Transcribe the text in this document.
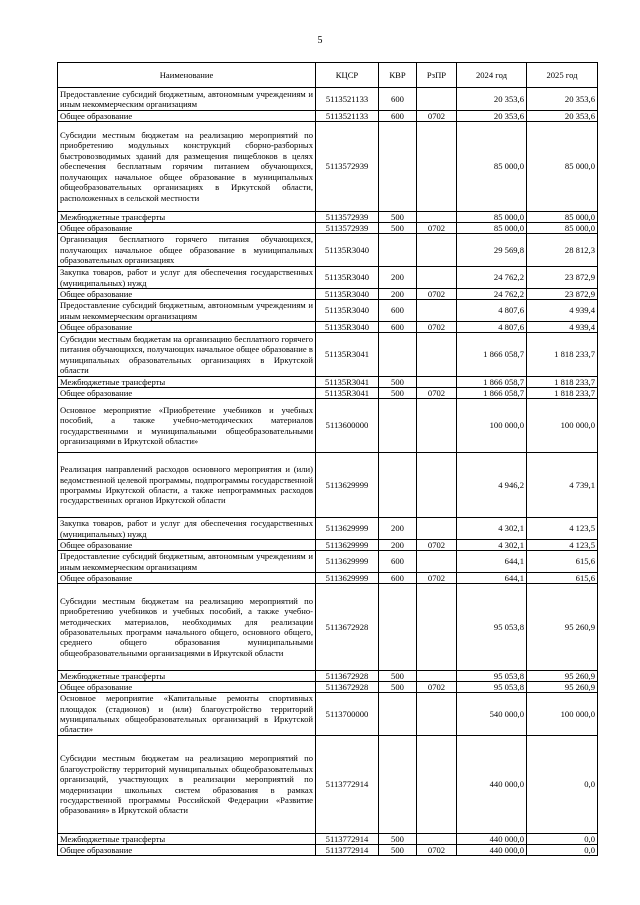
5
Наименование	КЦСР	КВР	РзПР	2024 год	2025 год
Предоставление субсидий бюджетным, автономным учреждениям и иным некоммерческим организациям	5113521133	600		20 353,6	20 353,6
Общее образование	5113521133	600	0702	20 353,6	20 353,6
Субсидии местным бюджетам на реализацию мероприятий по приобретению модульных конструкций сборно-разборных быстровозводимых зданий для размещения пищеблоков в целях обеспечения бесплатным горячим питанием обучающихся, получающих начальное общее образование в муниципальных общеобразовательных организациях в Иркутской области, расположенных в сельской местности	5113572939			85 000,0	85 000,0
Межбюджетные трансферты	5113572939	500		85 000,0	85 000,0
Общее образование	5113572939	500	0702	85 000,0	85 000,0
Организация бесплатного горячего питания обучающихся, получающих начальное общее образование в муниципальных образовательных организациях	51135R3040			29 569,8	28 812,3
Закупка товаров, работ и услуг для обеспечения государственных (муниципальных) нужд	51135R3040	200		24 762,2	23 872,9
Общее образование	51135R3040	200	0702	24 762,2	23 872,9
Предоставление субсидий бюджетным, автономным учреждениям и иным некоммерческим организациям	51135R3040	600		4 807,6	4 939,4
Общее образование	51135R3040	600	0702	4 807,6	4 939,4
Субсидии местным бюджетам на организацию бесплатного горячего питания обучающихся, получающих начальное общее образование в муниципальных образовательных организациях в Иркутской области	51135R3041			1 866 058,7	1 818 233,7
Межбюджетные трансферты	51135R3041	500		1 866 058,7	1 818 233,7
Общее образование	51135R3041	500	0702	1 866 058,7	1 818 233,7
Основное мероприятие «Приобретение учебников и учебных пособий, а также учебно-методических материалов государственными и муниципальными общеобразовательными организациями в Иркутской области»	5113600000			100 000,0	100 000,0
Реализация направлений расходов основного мероприятия и (или) ведомственной целевой программы, подпрограммы государственной программы Иркутской области, а также непрограммных расходов государственных органов Иркутской области	5113629999			4 946,2	4 739,1
Закупка товаров, работ и услуг для обеспечения государственных (муниципальных) нужд	5113629999	200		4 302,1	4 123,5
Общее образование	5113629999	200	0702	4 302,1	4 123,5
Предоставление субсидий бюджетным, автономным учреждениям и иным некоммерческим организациям	5113629999	600		644,1	615,6
Общее образование	5113629999	600	0702	644,1	615,6
Субсидии местным бюджетам на реализацию мероприятий по приобретению учебников и учебных пособий, а также учебно-методических материалов, необходимых для реализации образовательных программ начального общего, основного общего, среднего общего образования муниципальными общеобразовательными организациями в Иркутской области	5113672928			95 053,8	95 260,9
Межбюджетные трансферты	5113672928	500		95 053,8	95 260,9
Общее образование	5113672928	500	0702	95 053,8	95 260,9
Основное мероприятие «Капитальные ремонты спортивных площадок (стадионов) и (или) благоустройство территорий муниципальных общеобразовательных организаций в Иркутской области»	5113700000			540 000,0	100 000,0
Субсидии местным бюджетам на реализацию мероприятий по благоустройству территорий муниципальных общеобразовательных организаций, участвующих в реализации мероприятий по модернизации школьных систем образования в рамках государственной программы Российской Федерации «Развитие образования» в Иркутской области	5113772914			440 000,0	0,0
Межбюджетные трансферты	5113772914	500		440 000,0	0,0
Общее образование	5113772914	500	0702	440 000,0	0,0
